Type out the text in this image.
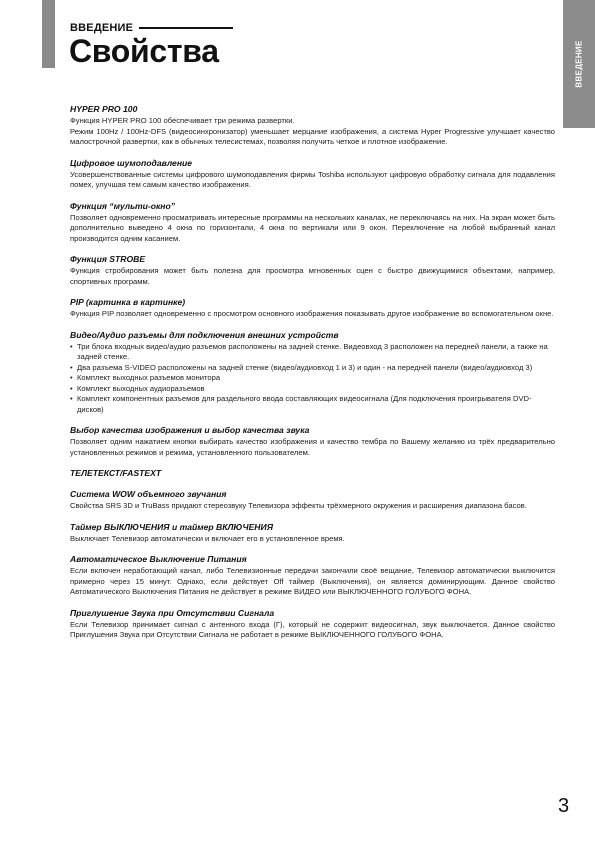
ВВЕДЕНИЕ
ВВЕДЕНИЕ
Свойства
HYPER PRO 100

Функция HYPER PRO 100 обеспечивает три режима развертки.

Режим 100Hz / 100Hz-DFS (видеосинхронизатор) уменьшает мерцание изображения, а система Hyper Progressive улучшает качество малострочной развертки, как в обычных телесистемах, позволяя получить четкое и плотное изображение.

Цифровое шумоподавление

Усовершенствованные системы цифрового шумоподавления фирмы Toshiba используют цифровую обработку сигнала для подавления помех, улучшая тем самым качество изображения.

Функция “мульти-окно”

Позволяет одновременно просматривать интересные программы на нескольких каналах, не переключаясь на них. На экран может быть дополнительно выведено 4 окна по горизонтали, 4 окна по вертикали или 9 окон. Переключение на любой выбранный канал производится одним касанием.

Функция STROBE

Функция стробирования может быть полезна для просмотра мгновенных сцен с быстро движущимися объектами, например, спортивных программ.

PIP (картинка в картинке)

Функция PIP позволяет одновременно с просмотром основного изображения показывать другое изображение во вспомогательном окне.

Видео/Аудио разъемы для подключения внешних устройств
• Три блока входных видео/аудио разъемов расположены на задней стенке. Видеовход 3 расположен на передней панели, а также на задней стенке.
• Два разъема S-VIDEO расположены на задней стенке (видео/аудиовход 1 и 3) и один - на передней панели (видео/аудиовход 3)
• Комплект выходных разъемов монитора
• Комплект выходных аудиоразъемов
• Комплект компонентных разъемов для раздельного ввода составляющих видеосигнала (Для подключения проигрывателя DVD-дисков)
Выбор качества изображения и выбор качества звука

Позволяет одним нажатием кнопки выбирать качество изображения и качество тембра по Вашему желанию из трёх предварительно установленных режимов и режима, установленного пользователем.

ТЕЛЕТЕКСТ/FASTEXT
Система WOW объемного звучания

Свойства SRS 3D и TruBass придают стереозвуку Телевизора эффекты трёхмерного окружения и расширения диапазона басов.

Таймер ВЫКЛЮЧЕНИЯ и таймер ВКЛЮЧЕНИЯ

Выключает Телевизор автоматически и включает его в установленное время.

Автоматическое Выключение Питания

Если включен неработающий канал, либо Телевизионные передачи закончили своё вещание, Телевизор автоматически выключится примерно через 15 минут. Однако, если действует Off таймер (Выключения), он является доминирующим. Данное свойство Автоматического Выключения Питания не действует в режиме ВИДЕО или ВЫКЛЮЧЕННОГО ГОЛУБОГО ФОНА.

Приглушение Звука при Отсутствии Сигнала

Если Телевизор принимает сигнал с антенного входа (Г), который не содержит видеосигнал, звук выключается. Данное свойство Приглушения Звука при Отсутствии Сигнала не работает в режиме ВЫКЛЮЧЕННОГО ГОЛУБОГО ФОНА.

3
